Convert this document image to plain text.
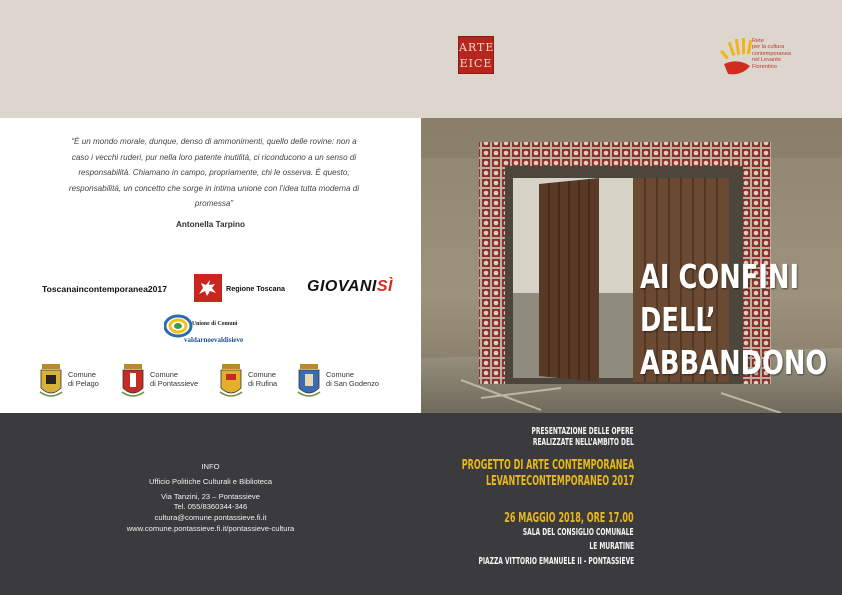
ARTE
EICE
Rete
per la cultura
contemporanea
nel Levante
Fiorentino
“È un mondo morale, dunque, denso di ammonimenti, quello delle rovine: non a caso i vecchi ruderi, pur nella loro patente inutilità, ci riconducono a un senso di responsabilità. Chiamano in campo, propriamente, chi le osserva. È questo, responsabilità, un concetto che sorge in intima unione con l’idea tutta moderna di promessa”
Antonella Tarpino
Toscanaincontemporanea2017	Regione Toscana GIOVANISÌ
Unione di Comuni
valdarnoevaldisieve
Comune
di Pelago
Comune
di Pontassieve
Comune
di Rufina
Comune
di San Godenzo
AI CONFINI
DELL’
ABBANDONO
INFO
Ufficio Politiche Culturali e Biblioteca
Via Tanzini, 23 – Pontassieve
Tel. 055/8360344-346
cultura@comune.pontassieve.fi.it
www.comune.pontassieve.fi.it/pontassieve-cultura
PRESENTAZIONE DELLE OPERE
REALIZZATE NELL’AMBITO DEL
PROGETTO DI ARTE CONTEMPORANEA
LEVANTECONTEMPORANEO 2017
26 MAGGIO 2018, ORE 17.00
SALA DEL CONSIGLIO COMUNALE
LE MURATINE
PIAZZA VITTORIO EMANUELE II - PONTASSIEVE
